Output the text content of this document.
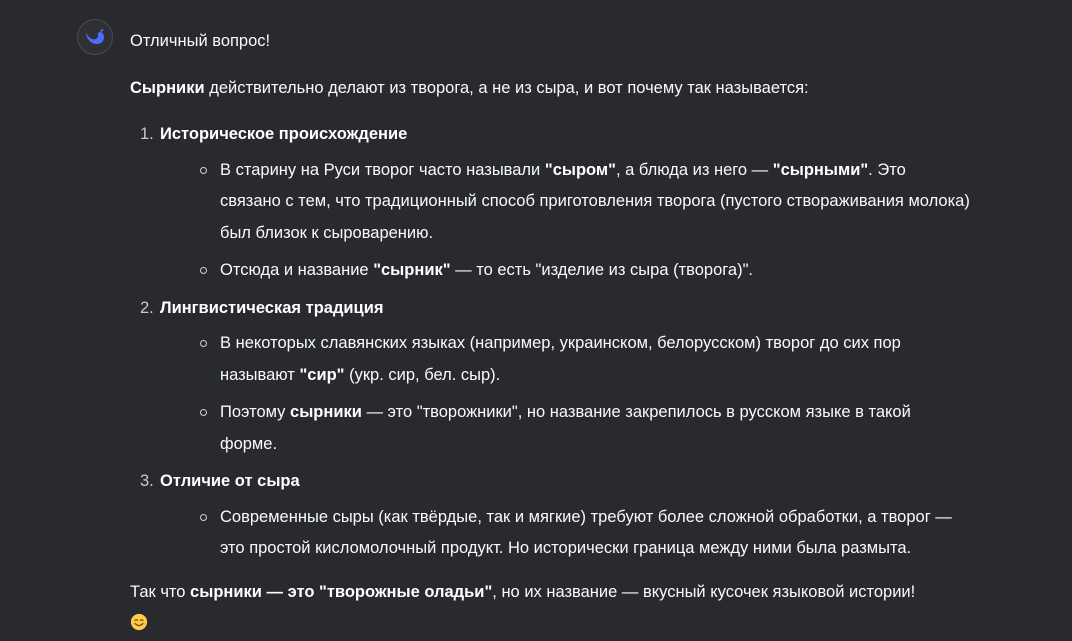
Отличный вопрос!
Сырники действительно делают из творога, а не из сыра, и вот почему так называется:
1. Историческое происхождение
В старину на Руси творог часто называли "сыром", а блюда из него — "сырными". Это связано с тем, что традиционный способ приготовления творога (пустого створаживания молока) был близок к сыроварению.
Отсюда и название "сырник" — то есть "изделие из сыра (творога)".
2. Лингвистическая традиция
В некоторых славянских языках (например, украинском, белорусском) творог до сих пор называют "сир" (укр. сир, бел. сыр).
Поэтому сырники — это "творожники", но название закрепилось в русском языке в такой форме.
3. Отличие от сыра
Современные сыры (как твёрдые, так и мягкие) требуют более сложной обработки, а творог — это простой кисломолочный продукт. Но исторически граница между ними была размыта.
Так что сырники — это "творожные оладьи", но их название — вкусный кусочек языковой истории!
